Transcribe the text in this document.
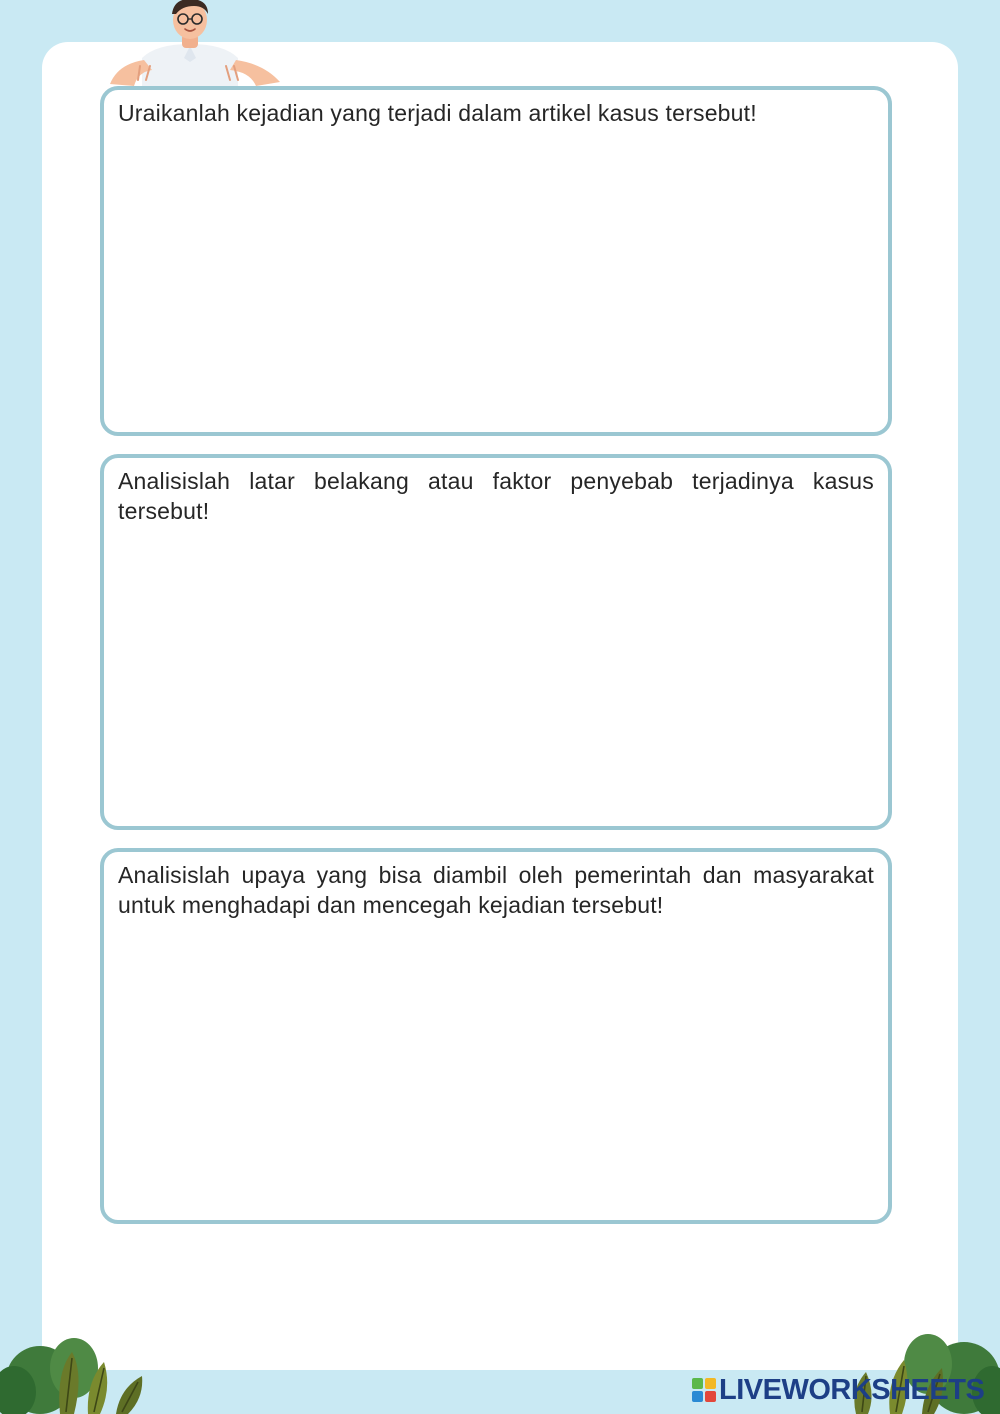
Uraikanlah kejadian yang terjadi dalam artikel kasus tersebut!

Analisislah latar belakang atau faktor penyebab terjadinya kasus tersebut!

Analisislah upaya yang bisa diambil oleh pemerintah dan masyarakat untuk menghadapi dan mencegah kejadian tersebut!

LIVEWORKSHEETS
